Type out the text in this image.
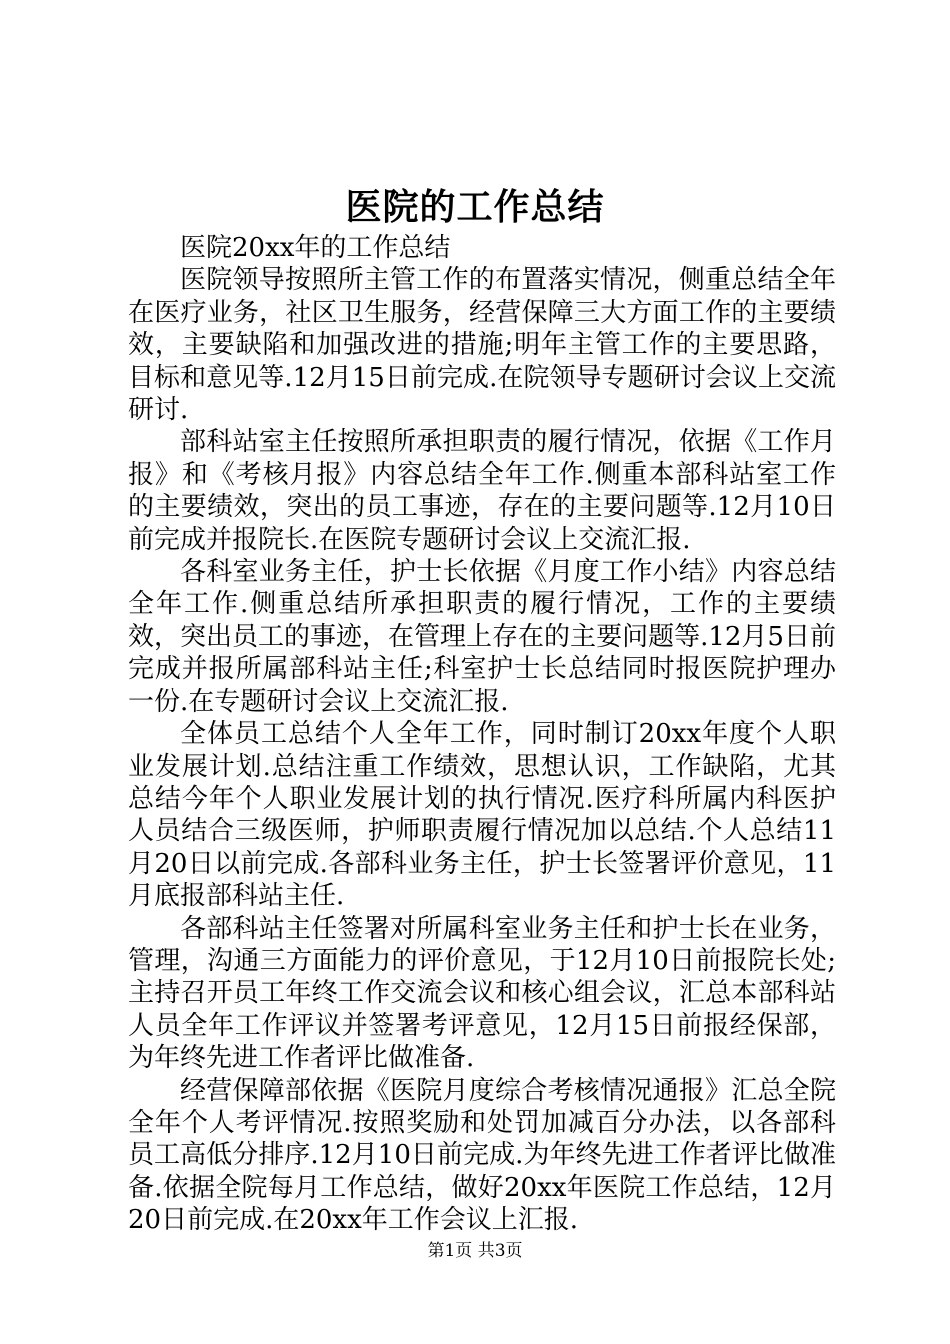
医院的工作总结

医院20xx年的工作总结

医院领导按照所主管工作的布置落实情况，侧重总结全年在医疗业务，社区卫生服务，经营保障三大方面工作的主要绩效，主要缺陷和加强改进的措施;明年主管工作的主要思路，目标和意见等.12月15日前完成.在院领导专题研讨会议上交流研讨.

部科站室主任按照所承担职责的履行情况，依据《工作月报》和《考核月报》内容总结全年工作.侧重本部科站室工作的主要绩效，突出的员工事迹，存在的主要问题等.12月10日前完成并报院长.在医院专题研讨会议上交流汇报.

各科室业务主任，护士长依据《月度工作小结》内容总结全年工作.侧重总结所承担职责的履行情况，工作的主要绩效，突出员工的事迹，在管理上存在的主要问题等.12月5日前完成并报所属部科站主任;科室护士长总结同时报医院护理办一份.在专题研讨会议上交流汇报.

全体员工总结个人全年工作，同时制订20xx年度个人职业发展计划.总结注重工作绩效，思想认识，工作缺陷，尤其总结今年个人职业发展计划的执行情况.医疗科所属内科医护人员结合三级医师，护师职责履行情况加以总结.个人总结11月20日以前完成.各部科业务主任，护士长签署评价意见，11月底报部科站主任.

各部科站主任签署对所属科室业务主任和护士长在业务，管理，沟通三方面能力的评价意见，于12月10日前报院长处;主持召开员工年终工作交流会议和核心组会议，汇总本部科站人员全年工作评议并签署考评意见，12月15日前报经保部，为年终先进工作者评比做准备.

经营保障部依据《医院月度综合考核情况通报》汇总全院全年个人考评情况.按照奖励和处罚加减百分办法，以各部科员工高低分排序.12月10日前完成.为年终先进工作者评比做准备.依据全院每月工作总结，做好20xx年医院工作总结，12月20日前完成.在20xx年工作会议上汇报.

第1页 共3页
